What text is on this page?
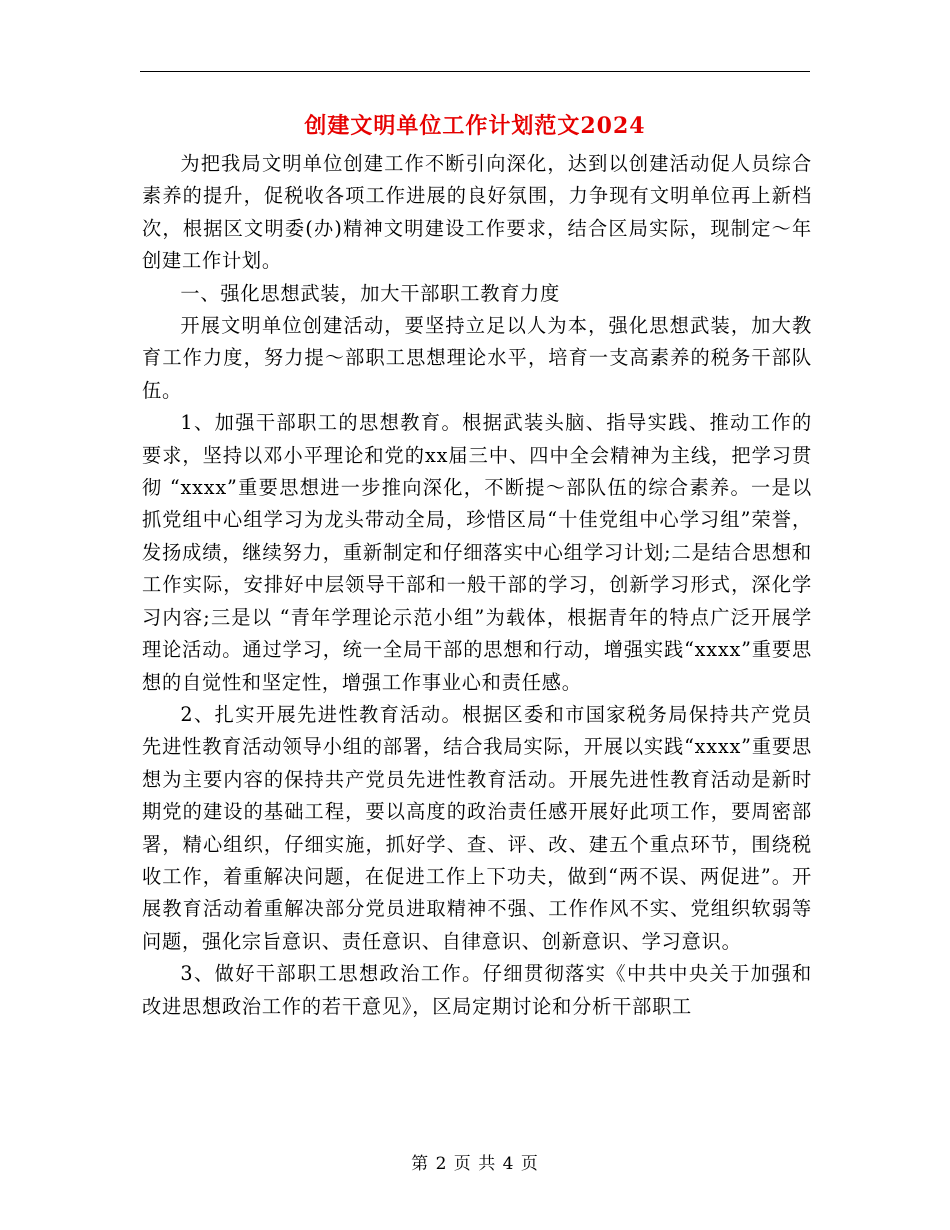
创建文明单位工作计划范文2024

为把我局文明单位创建工作不断引向深化，达到以创建活动促人员综合素养的提升，促税收各项工作进展的良好氛围，力争现有文明单位再上新档次，根据区文明委(办)精神文明建设工作要求，结合区局实际，现制定～年创建工作计划。

一、强化思想武装，加大干部职工教育力度

开展文明单位创建活动，要坚持立足以人为本，强化思想武装，加大教育工作力度，努力提～部职工思想理论水平，培育一支高素养的税务干部队伍。

1、加强干部职工的思想教育。根据武装头脑、指导实践、推动工作的要求，坚持以邓小平理论和党的xx届三中、四中全会精神为主线，把学习贯彻 “xxxx”重要思想进一步推向深化，不断提～部队伍的综合素养。一是以抓党组中心组学习为龙头带动全局，珍惜区局“十佳党组中心学习组”荣誉，发扬成绩，继续努力，重新制定和仔细落实中心组学习计划;二是结合思想和工作实际，安排好中层领导干部和一般干部的学习，创新学习形式，深化学习内容;三是以 “青年学理论示范小组”为载体，根据青年的特点广泛开展学理论活动。通过学习，统一全局干部的思想和行动，增强实践“xxxx”重要思想的自觉性和坚定性，增强工作事业心和责任感。

2、扎实开展先进性教育活动。根据区委和市国家税务局保持共产党员先进性教育活动领导小组的部署，结合我局实际，开展以实践“xxxx”重要思想为主要内容的保持共产党员先进性教育活动。开展先进性教育活动是新时期党的建设的基础工程，要以高度的政治责任感开展好此项工作，要周密部署，精心组织，仔细实施，抓好学、查、评、改、建五个重点环节，围绕税收工作，着重解决问题，在促进工作上下功夫，做到“两不误、两促进”。开展教育活动着重解决部分党员进取精神不强、工作作风不实、党组织软弱等问题，强化宗旨意识、责任意识、自律意识、创新意识、学习意识。

3、做好干部职工思想政治工作。仔细贯彻落实《中共中央关于加强和改进思想政治工作的若干意见》，区局定期讨论和分析干部职工

第 2 页 共 4 页
